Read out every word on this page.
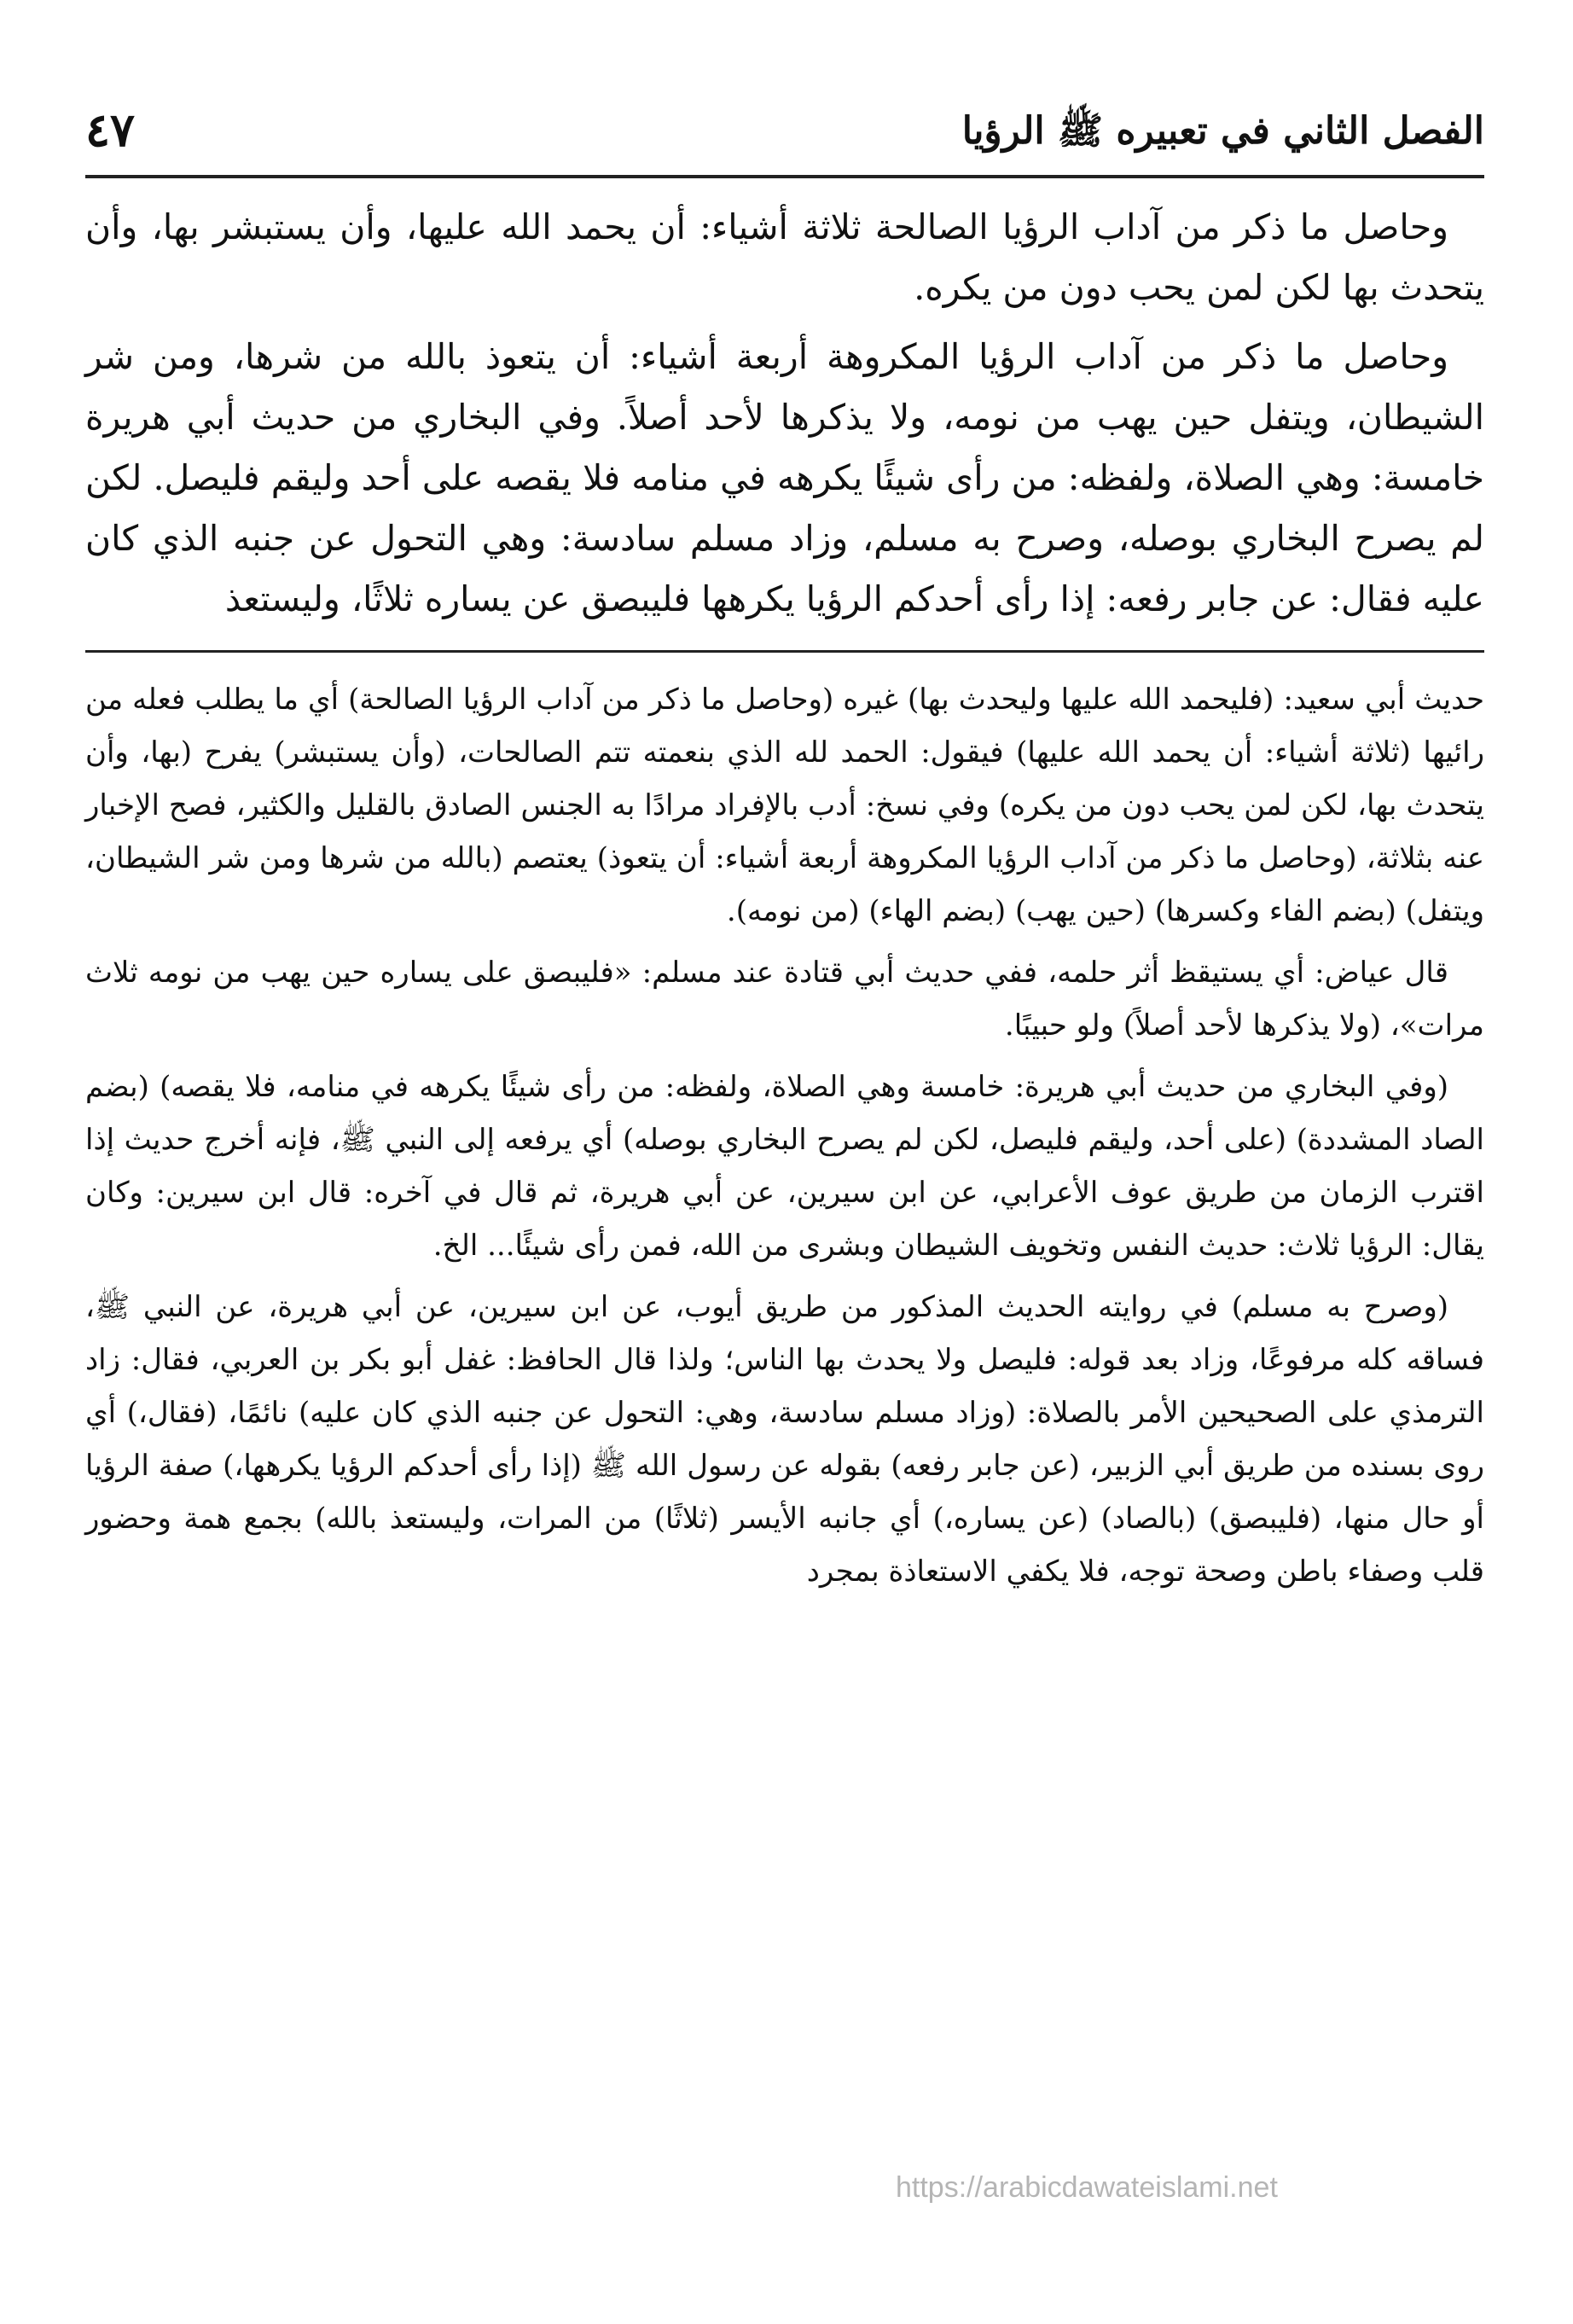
الفصل الثاني في تعبيره ﷺ الرؤيا
٤٧

وحاصل ما ذكر من آداب الرؤيا الصالحة ثلاثة أشياء: أن يحمد الله عليها، وأن يستبشر بها، وأن يتحدث بها لكن لمن يحب دون من يكره.

وحاصل ما ذكر من آداب الرؤيا المكروهة أربعة أشياء: أن يتعوذ بالله من شرها، ومن شر الشيطان، ويتفل حين يهب من نومه، ولا يذكرها لأحد أصلاً. وفي البخاري من حديث أبي هريرة خامسة: وهي الصلاة، ولفظه: من رأى شيئًا يكرهه في منامه فلا يقصه على أحد وليقم فليصل. لكن لم يصرح البخاري بوصله، وصرح به مسلم، وزاد مسلم سادسة: وهي التحول عن جنبه الذي كان عليه فقال: عن جابر رفعه: إذا رأى أحدكم الرؤيا يكرهها فليبصق عن يساره ثلاثًا، وليستعذ

حديث أبي سعيد: (فليحمد الله عليها وليحدث بها) غيره (وحاصل ما ذكر من آداب الرؤيا الصالحة) أي ما يطلب فعله من رائيها (ثلاثة أشياء: أن يحمد الله عليها) فيقول: الحمد لله الذي بنعمته تتم الصالحات، (وأن يستبشر) يفرح (بها، وأن يتحدث بها، لكن لمن يحب دون من يكره) وفي نسخ: أدب بالإفراد مرادًا به الجنس الصادق بالقليل والكثير، فصح الإخبار عنه بثلاثة، (وحاصل ما ذكر من آداب الرؤيا المكروهة أربعة أشياء: أن يتعوذ) يعتصم (بالله من شرها ومن شر الشيطان، ويتفل) (بضم الفاء وكسرها) (حين يهب) (بضم الهاء) (من نومه).

قال عياض: أي يستيقظ أثر حلمه، ففي حديث أبي قتادة عند مسلم: «فليبصق على يساره حين يهب من نومه ثلاث مرات»، (ولا يذكرها لأحد أصلاً) ولو حبيبًا.

(وفي البخاري من حديث أبي هريرة: خامسة وهي الصلاة، ولفظه: من رأى شيئًا يكرهه في منامه، فلا يقصه) (بضم الصاد المشددة) (على أحد، وليقم فليصل، لكن لم يصرح البخاري بوصله) أي يرفعه إلى النبي ﷺ، فإنه أخرج حديث إذا اقترب الزمان من طريق عوف الأعرابي، عن ابن سيرين، عن أبي هريرة، ثم قال في آخره: قال ابن سيرين: وكان يقال: الرؤيا ثلاث: حديث النفس وتخويف الشيطان وبشرى من الله، فمن رأى شيئًا... الخ.

(وصرح به مسلم) في روايته الحديث المذكور من طريق أيوب، عن ابن سيرين، عن أبي هريرة، عن النبي ﷺ، فساقه كله مرفوعًا، وزاد بعد قوله: فليصل ولا يحدث بها الناس؛ ولذا قال الحافظ: غفل أبو بكر بن العربي، فقال: زاد الترمذي على الصحيحين الأمر بالصلاة: (وزاد مسلم سادسة، وهي: التحول عن جنبه الذي كان عليه) نائمًا، (فقال،) أي روى بسنده من طريق أبي الزبير، (عن جابر رفعه) بقوله عن رسول الله ﷺ (إذا رأى أحدكم الرؤيا يكرهها،) صفة الرؤيا أو حال منها، (فليبصق) (بالصاد) (عن يساره،) أي جانبه الأيسر (ثلاثًا) من المرات، وليستعذ بالله) بجمع همة وحضور قلب وصفاء باطن وصحة توجه، فلا يكفي الاستعاذة بمجرد

https://arabicdawateislami.net
